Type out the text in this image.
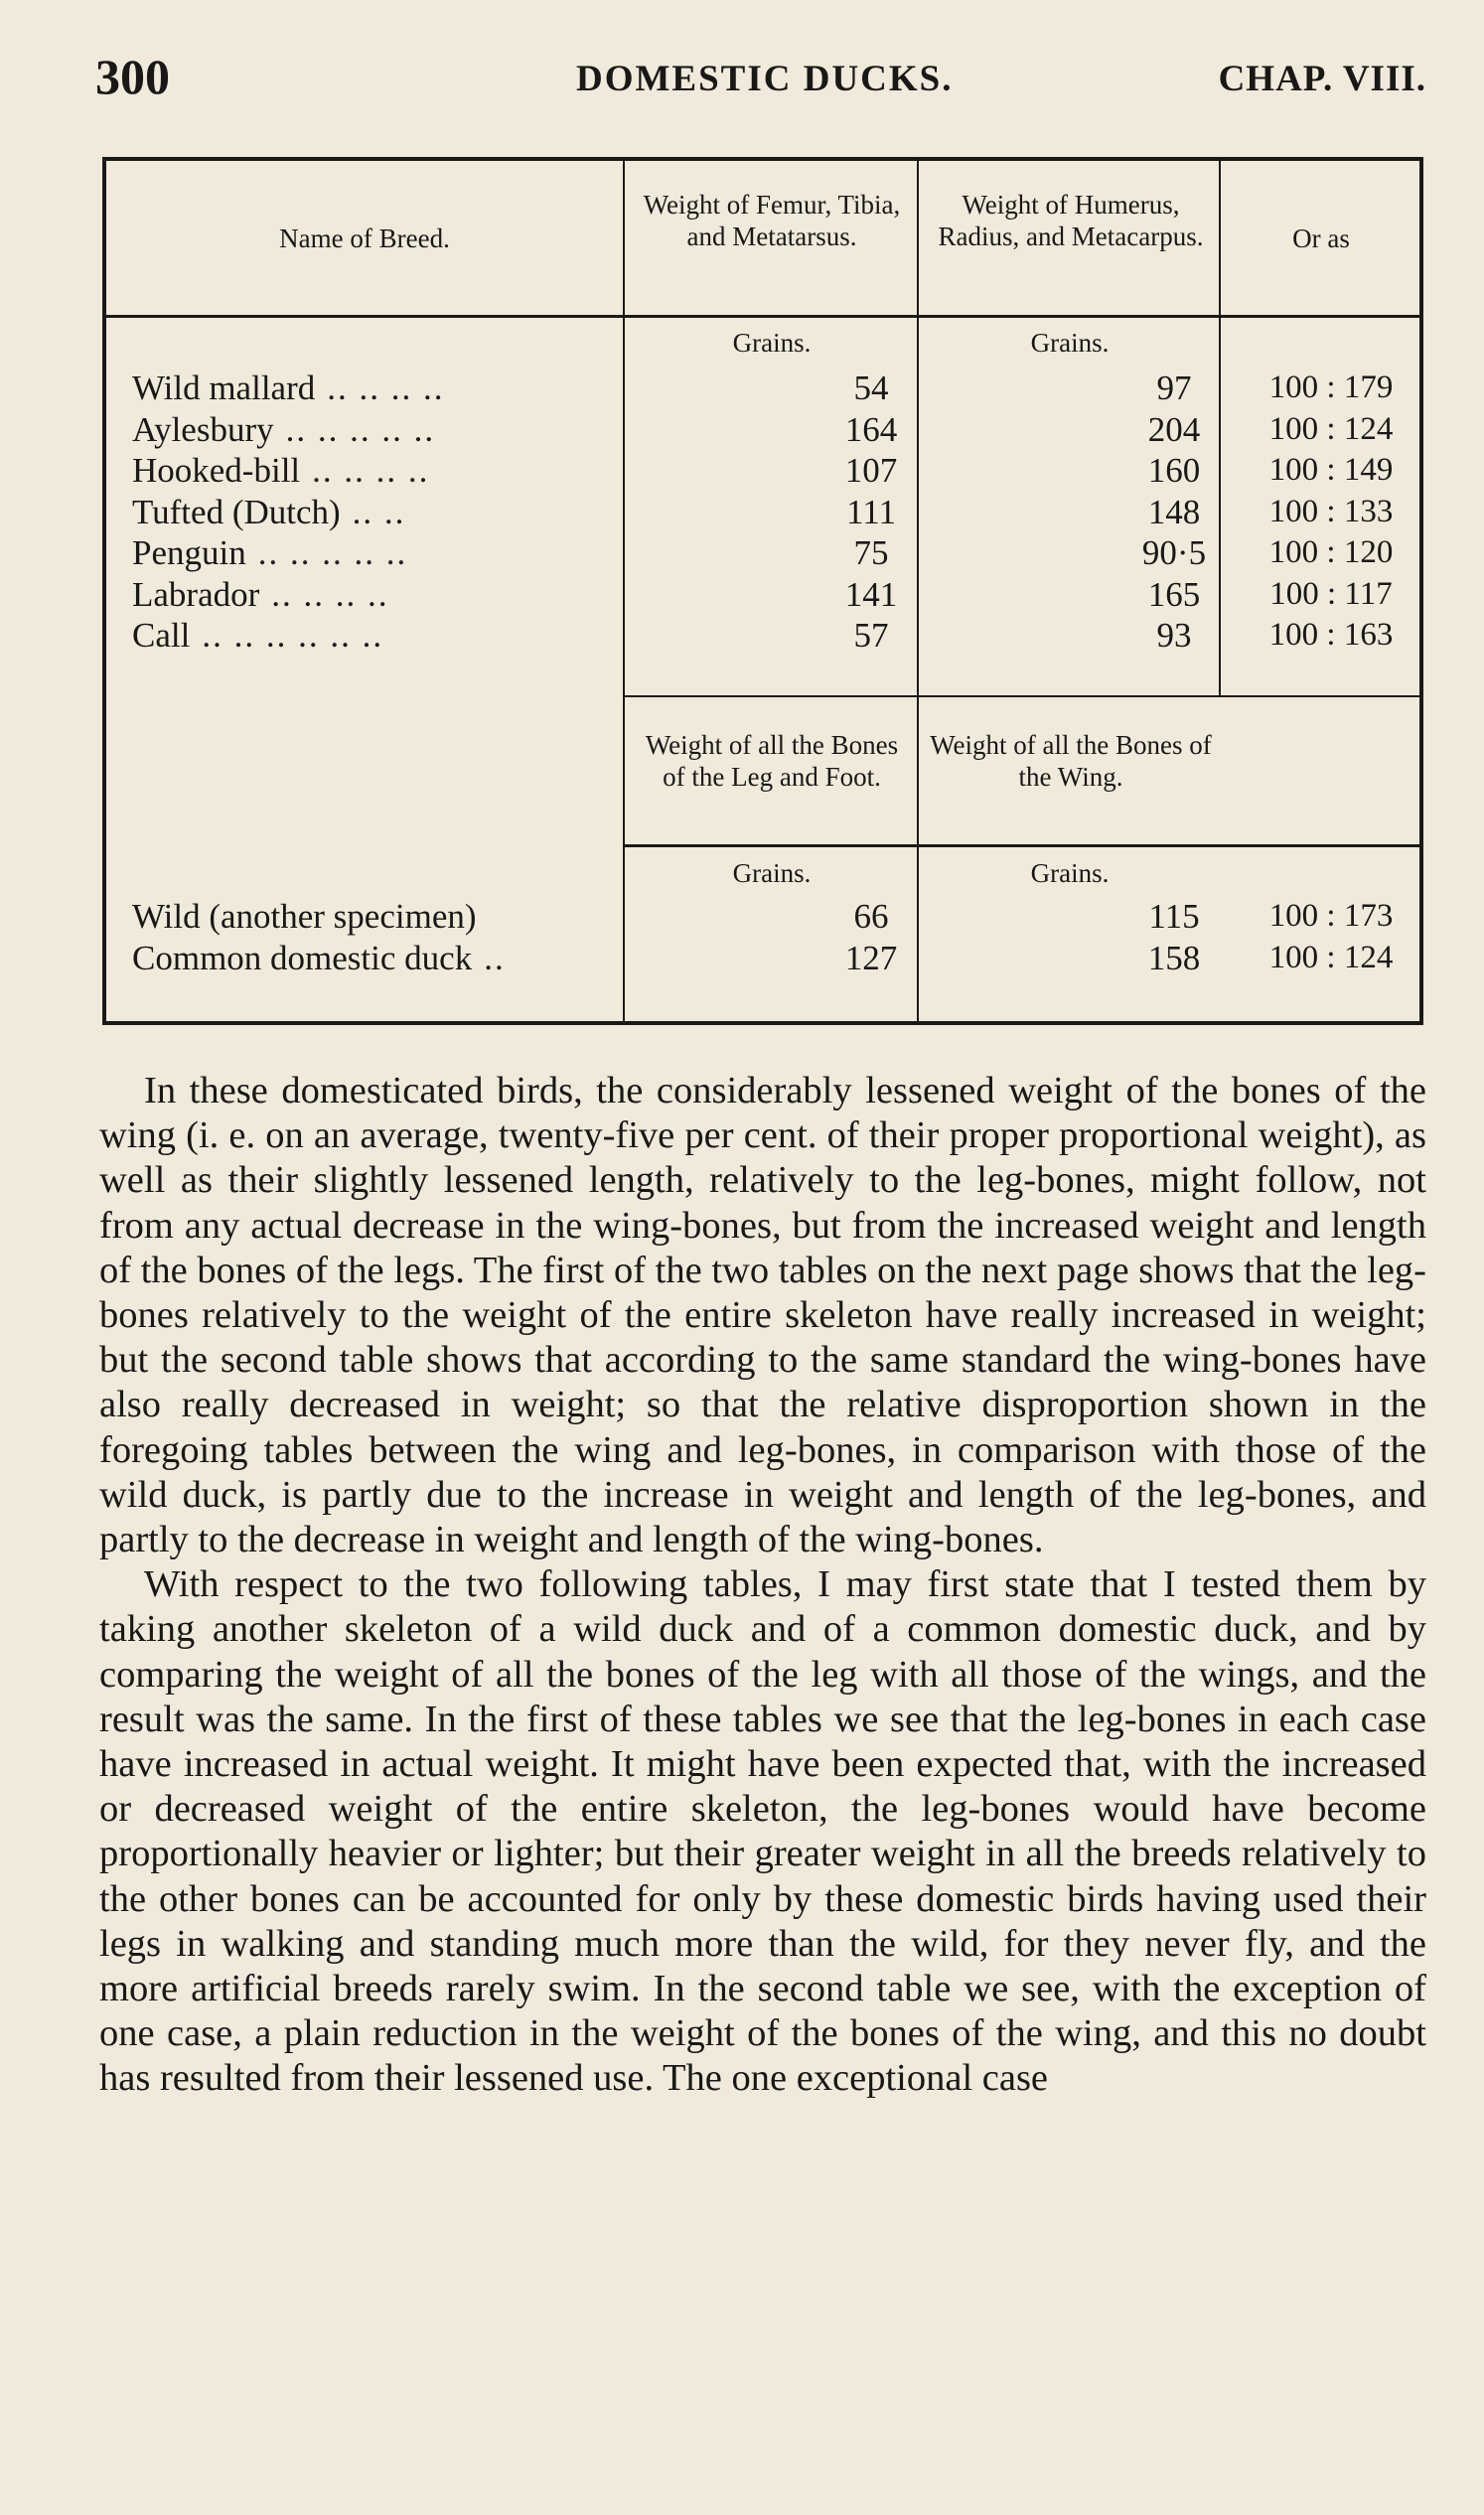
300	DOMESTIC DUCKS.	CHAP. VIII.
Name of Breed.
Weight of Femur, Tibia, and Metatarsus.
Weight of Humerus, Radius, and Metacarpus.	Or as
Grains.	Grains.
Wild mallard .. .. .. ..	54	97	100 : 179
Aylesbury .. .. .. .. ..	164	204	100 : 124
Hooked-bill .. .. .. ..	107	160	100 : 149
Tufted (Dutch) .. ..	111	148	100 : 133
Penguin .. .. .. .. ..	75	90·5	100 : 120
Labrador .. .. .. ..	141	165	100 : 117
Call .. .. .. .. .. ..	57	93	100 : 163
Weight of all the Bones of the Leg and Foot.
Weight of all the Bones of the Wing.
Grains.	Grains.
Wild (another specimen)	66	115	100 : 173
Common domestic duck ..	127	158	100 : 124

In these domesticated birds, the considerably lessened weight of the bones of the wing (i. e. on an average, twenty-five per cent. of their proper proportional weight), as well as their slightly lessened length, relatively to the leg-bones, might follow, not from any actual decrease in the wing-bones, but from the increased weight and length of the bones of the legs. The first of the two tables on the next page shows that the leg-bones relatively to the weight of the entire skeleton have really increased in weight; but the second table shows that according to the same standard the wing-bones have also really decreased in weight; so that the relative disproportion shown in the foregoing tables between the wing and leg-bones, in comparison with those of the wild duck, is partly due to the increase in weight and length of the leg-bones, and partly to the decrease in weight and length of the wing-bones.

With respect to the two following tables, I may first state that I tested them by taking another skeleton of a wild duck and of a common domestic duck, and by comparing the weight of all the bones of the leg with all those of the wings, and the result was the same. In the first of these tables we see that the leg-bones in each case have increased in actual weight. It might have been expected that, with the increased or decreased weight of the entire skeleton, the leg-bones would have become proportionally heavier or lighter; but their greater weight in all the breeds relatively to the other bones can be accounted for only by these domestic birds having used their legs in walking and standing much more than the wild, for they never fly, and the more artificial breeds rarely swim. In the second table we see, with the exception of one case, a plain reduction in the weight of the bones of the wing, and this no doubt has resulted from their lessened use. The one exceptional case
